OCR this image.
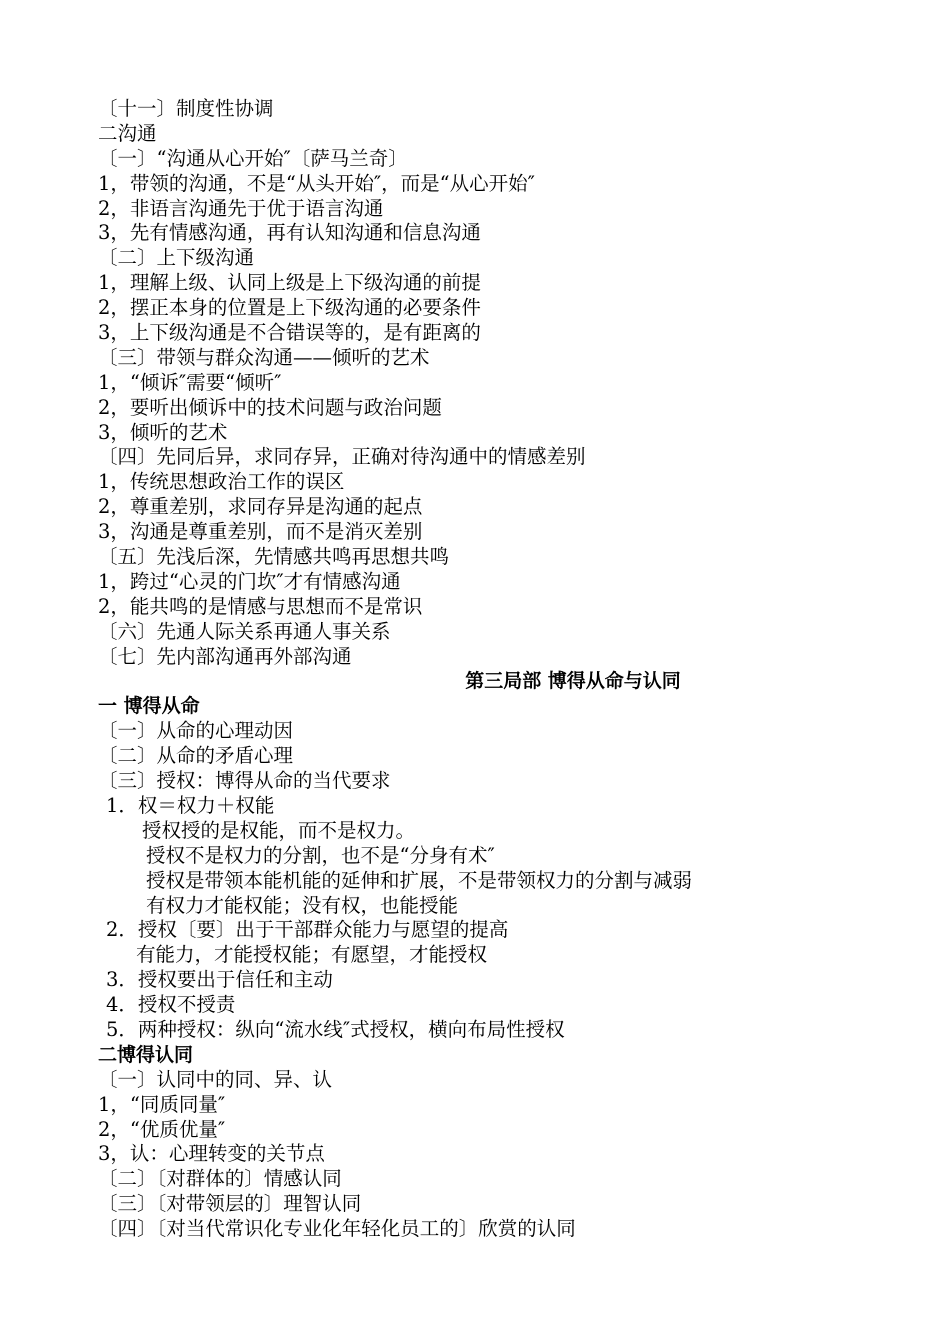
〔十一〕制度性协调
二沟通
〔一〕“沟通从心开始″〔萨马兰奇〕
1，带领的沟通，不是“从头开始″，而是“从心开始″
2，非语言沟通先于优于语言沟通
3，先有情感沟通，再有认知沟通和信息沟通
〔二〕上下级沟通
1，理解上级、认同上级是上下级沟通的前提
2，摆正本身的位置是上下级沟通的必要条件
3，上下级沟通是不合错误等的，是有距离的
〔三〕带领与群众沟通——倾听的艺术
1，“倾诉″需要“倾听″
2，要听出倾诉中的技术问题与政治问题
3，倾听的艺术
〔四〕先同后异，求同存异，正确对待沟通中的情感差别
1，传统思想政治工作的误区
2，尊重差别，求同存异是沟通的起点
3，沟通是尊重差别，而不是消灭差别
〔五〕先浅后深，先情感共鸣再思想共鸣
1，跨过“心灵的门坎″才有情感沟通
2，能共鸣的是情感与思想而不是常识
〔六〕先通人际关系再通人事关系
〔七〕先内部沟通再外部沟通
第三局部 博得从命与认同
一 博得从命
〔一〕从命的心理动因
〔二〕从命的矛盾心理
〔三〕授权：博得从命的当代要求
1．权＝权力＋权能
授权授的是权能，而不是权力。
授权不是权力的分割，也不是“分身有术″
授权是带领本能机能的延伸和扩展，不是带领权力的分割与减弱
有权力才能权能；没有权，也能授能
2．授权〔要〕出于干部群众能力与愿望的提高
有能力，才能授权能；有愿望，才能授权
3．授权要出于信任和主动
4．授权不授责
5．两种授权：纵向“流水线″式授权，横向布局性授权
二博得认同
〔一〕认同中的同、异、认
1，“同质同量″
2，“优质优量″
3，认：心理转变的关节点
〔二〕〔对群体的〕情感认同
〔三〕〔对带领层的〕理智认同
〔四〕〔对当代常识化专业化年轻化员工的〕欣赏的认同
